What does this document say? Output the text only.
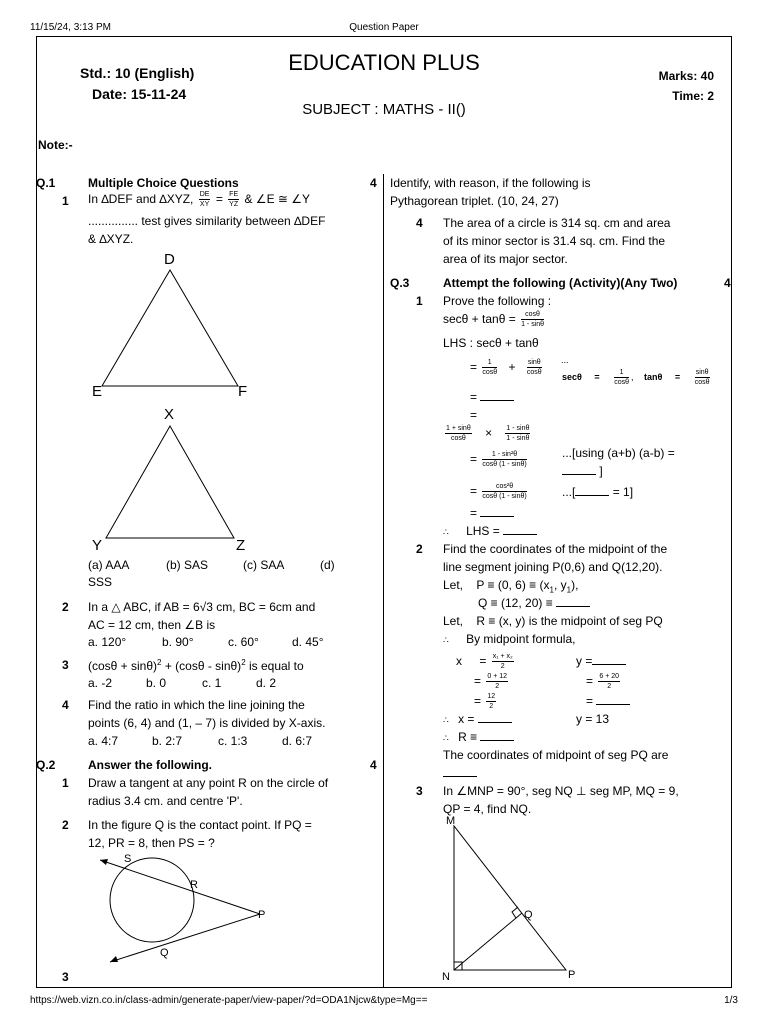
11/15/24, 3:13 PM	Question Paper
https://web.vizn.co.in/class-admin/generate-paper/view-paper/?d=ODA1Njcw&type=Mg==	1/3
Std.: 10 (English)
Date: 15-11-24
EDUCATION PLUS
SUBJECT : MATHS - II()
Marks: 40
Time: 2
Note:-
Q.1	Multiple Choice Questions	4
1 In ∆DEF and ∆XYZ, $\frac{DE}{XY} = \frac{FE}{YZ}$ & ∠E ≅ ∠Y
............... test gives similarity between ∆DEF
& ∆XYZ.
D
E	F
X
Y	Z
(a) AAA	(b) SAS	(c) SAA	(d)
SSS
2 In a △ ABC, if AB = 6√3 cm, BC = 6cm and
AC = 12 cm, then ∠B is
a. 120°	b. 90°	c. 60°	d. 45°
3 $(\cos\theta + \sin\theta)^2 + (\cos\theta - \sin\theta)^2$ is equal to
a. -2	b. 0	c. 1	d. 2
4 Find the ratio in which the line joining the
points (6, 4) and (1, – 7) is divided by X-axis.
a. 4:7	b. 2:7	c. 1:3	d. 6:7
Q.2	Answer the following.	4
1 Draw a tangent at any point R on the circle of
radius 3.4 cm. and centre 'P'.
2 In the figure Q is the contact point. If PQ =
12, PR = 8, then PS = ?
S
R
P
Q
3
Identify, with reason, if the following is
Pythagorean triplet. (10, 24, 27)
4 The area of a circle is 314 sq. cm and area
of its minor sector is 31.4 sq. cm. Find the
area of its major sector.
Q.3	Attempt the following (Activity)(Any Two)	4
1 Prove the following :
$\sec\theta + \tan\theta = \frac{\cos\theta}{1 - \sin\theta}$
LHS : secθ + tanθ
= $\frac{1}{\cos\theta} + \frac{\sin\theta}{\cos\theta} ^{...}$
$\sec\theta = \frac{1}{\cos\theta}$ , $\tan\theta = \frac{\sin\theta}{\cos\theta}$
=
=
$\frac{1 + \sin\theta}{\cos\theta} \times \frac{1 - \sin\theta}{1 - \sin\theta}$
= $\frac{\text{1 - sin²θ}}{\cos\theta (1 - \sin\theta)}$	...[using (a+b) (a-b) =
]
= $\frac{\text{cos²θ}}{\cos\theta (1 - \sin\theta)}$	...[	= 1]
=
∴ LHS =
2 Find the coordinates of the midpoint of the
line segment joining P(0,6) and Q(12,20).
Let, P ≡ (0, $6) \equiv (x_1$, $y_1$),
Q ≡ (12, 20) ≡
Let, R ≡ (x, y) is the midpoint of seg PQ
∴ By midpoint formula,
$x = \frac{\text{x₁ + x₂}}{2}$
= $\frac{0 + 12}{2}$
= $\frac{12}{2}$
y =
= $\frac{6 + 20}{2}$
=
∴ x =	y = 13
∴ R ≡
The coordinates of midpoint of seg PQ are
3 In ∠MNP = 90°, seg NQ ⊥ seg MP, MQ = 9,
QP = 4, find NQ.
M
Q
N	P
